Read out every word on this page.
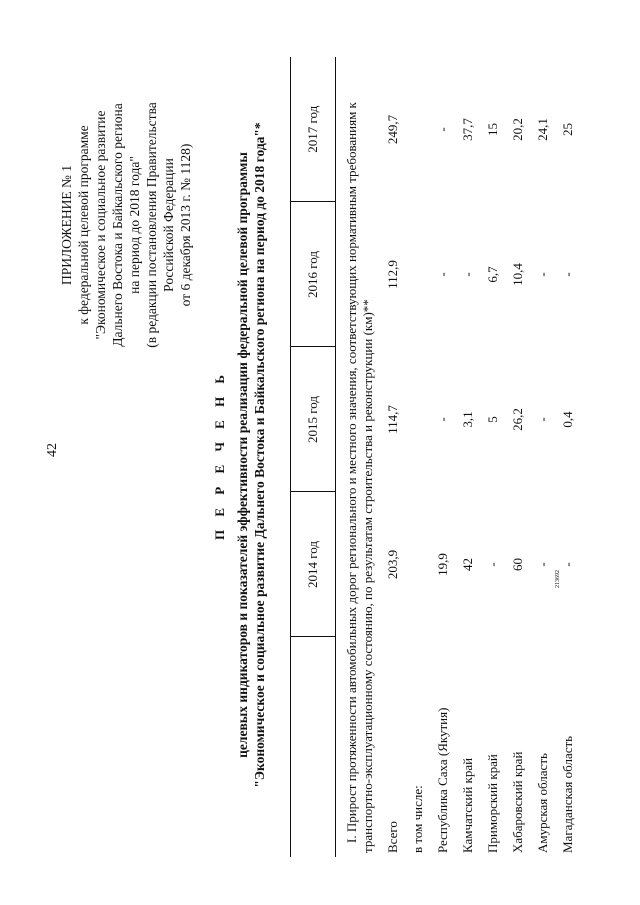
42
213692
ПРИЛОЖЕНИЕ № 1 к федеральной целевой программе "Экономическое и социальное развитие Дальнего Востока и Байкальского региона на период до 2018 года" (в редакции постановления Правительства Российской Федерации от 6 декабря 2013 г. № 1128)
П Е Р Е Ч Е Н Ь целевых индикаторов и показателей эффективности реализации федеральной целевой программы "Экономическое и социальное развитие Дальнего Востока и Байкальского региона на период до 2018 года"*
		2014 год	2015 год	2016 год	2017 год

I. Прирост протяженности автомобильных дорог регионального и местного значения, соответствующих нормативным требованиям к транспортно-эксплуатационному состоянию, по результатам строительства и реконструкции (км)**				

Всего	203,9	114,7	112,9	249,7
в том числе:				
Республика Саха (Якутия)	19,9	-	-	-
Камчатский край	42	3,1	-	37,7
Приморский край	-	5	6,7	15
Хабаровский край	60	26,2	10,4	20,2
Амурская область	-	-	-	24,1
Магаданская область	-	0,4	-	25
